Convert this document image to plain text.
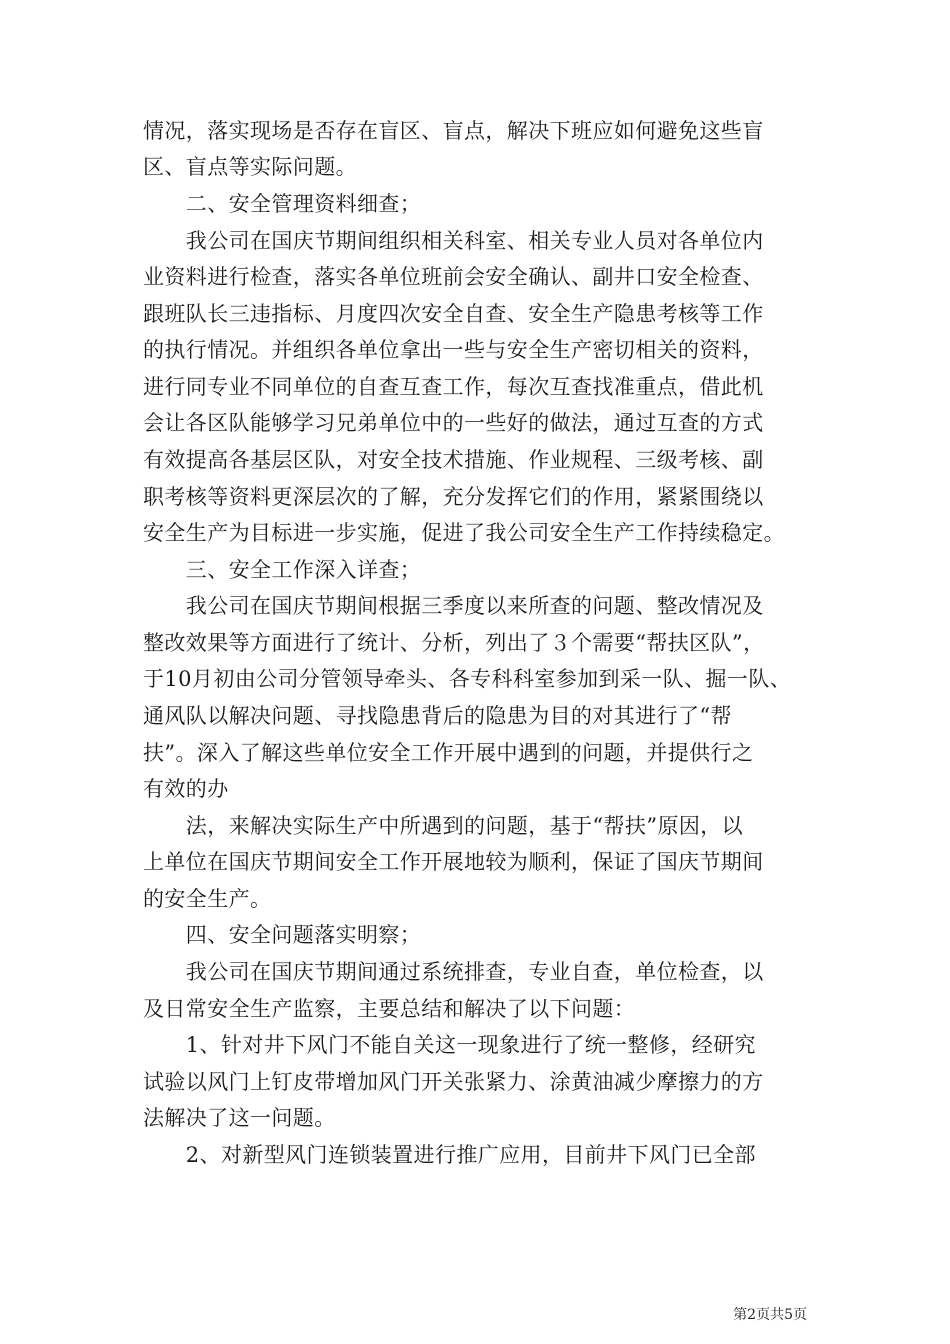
情况，落实现场是否存在盲区、盲点，解决下班应如何避免这些盲
区、盲点等实际问题。
　　二、安全管理资料细查；
　　我公司在国庆节期间组织相关科室、相关专业人员对各单位内
业资料进行检查，落实各单位班前会安全确认、副井口安全检查、
跟班队长三违指标、月度四次安全自查、安全生产隐患考核等工作
的执行情况。并组织各单位拿出一些与安全生产密切相关的资料，
进行同专业不同单位的自查互查工作，每次互查找准重点，借此机
会让各区队能够学习兄弟单位中的一些好的做法，通过互查的方式
有效提高各基层区队，对安全技术措施、作业规程、三级考核、副
职考核等资料更深层次的了解，充分发挥它们的作用，紧紧围绕以
安全生产为目标进一步实施，促进了我公司安全生产工作持续稳定。
　　三、安全工作深入详查；
　　我公司在国庆节期间根据三季度以来所查的问题、整改情况及
整改效果等方面进行了统计、分析，列出了３个需要“帮扶区队”，
于10月初由公司分管领导牵头、各专科科室参加到采一队、掘一队、
通风队以解决问题、寻找隐患背后的隐患为目的对其进行了“帮
扶”。深入了解这些单位安全工作开展中遇到的问题，并提供行之
有效的办
　　法，来解决实际生产中所遇到的问题，基于“帮扶”原因，以
上单位在国庆节期间安全工作开展地较为顺利，保证了国庆节期间
的安全生产。
　　四、安全问题落实明察；
　　我公司在国庆节期间通过系统排查，专业自查，单位检查，以
及日常安全生产监察，主要总结和解决了以下问题：
　　1、针对井下风门不能自关这一现象进行了统一整修，经研究
试验以风门上钉皮带增加风门开关张紧力、涂黄油减少摩擦力的方
法解决了这一问题。
　　2、对新型风门连锁装置进行推广应用，目前井下风门已全部
第2页共5页
